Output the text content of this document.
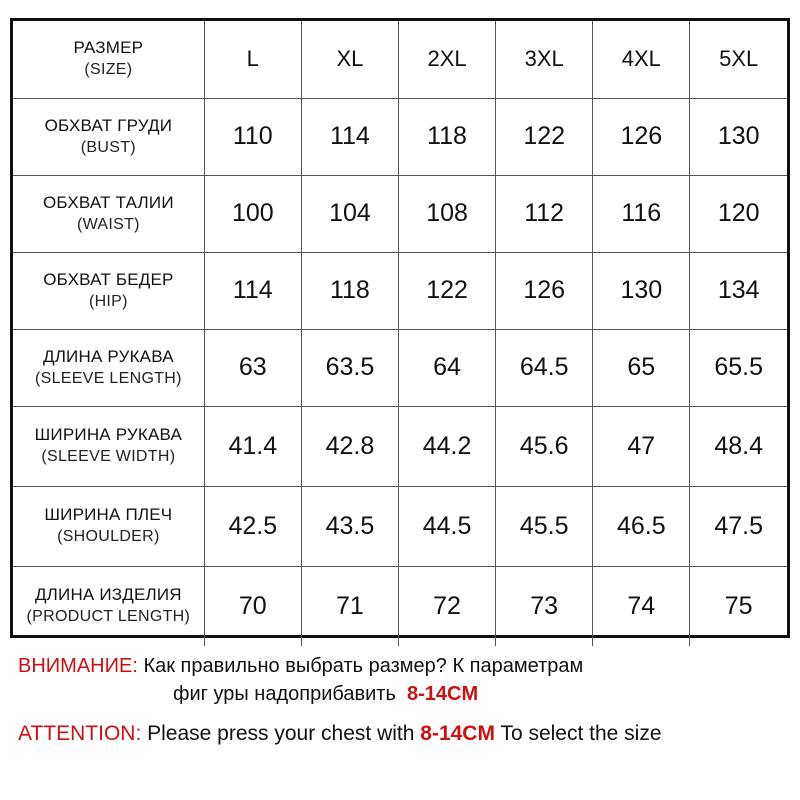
РАЗМЕР
(SIZE)	L	XL	2XL	3XL	4XL	5XL

ОБХВАТ ГРУДИ
(BUST)	110	114	118	122	126	130

ОБХВАТ ТАЛИИ
(WAIST)	100	104	108	112	116	120

ОБХВАТ БЕДЕР
(HIP)	114	118	122	126	130	134

ДЛИНА РУКАВА
(SLEEVE LENGTH)	63	63.5	64	64.5	65	65.5

ШИРИНА РУКАВА
(SLEEVE WIDTH)	41.4	42.8	44.2	45.6	47	48.4

ШИРИНА ПЛЕЧ
(SHOULDER)	42.5	43.5	44.5	45.5	46.5	47.5

ДЛИНА ИЗДЕЛИЯ
(PRODUCT LENGTH)	70	71	72	73	74	75
ВНИМАНИЕ: Как правильно выбрать размер? К параметрам
фиг уры надоприбавить 8-14CM
ATTENTION: Please press your chest with 8-14CM To select the size
